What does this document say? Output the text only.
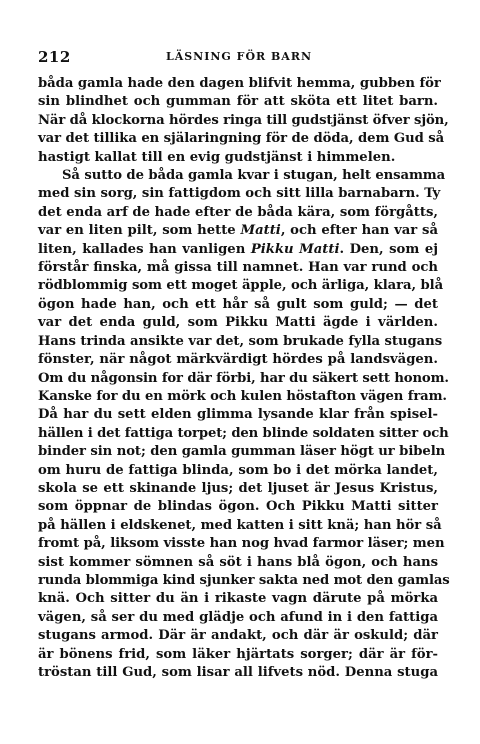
212	LÄSNING FÖR BARN
båda gamla hade den dagen blifvit hemma, gubben för
sin blindhet och gumman för att sköta ett litet barn.
När då klockorna hördes ringa till gudstjänst öfver sjön,
var det tillika en själaringning för de döda, dem Gud så
hastigt kallat till en evig gudstjänst i himmelen.
Så sutto de båda gamla kvar i stugan, helt ensamma
med sin sorg, sin fattigdom och sitt lilla barnabarn. Ty
det enda arf de hade efter de båda kära, som förgåtts,
var en liten pilt, som hette Matti, och efter han var så
liten, kallades han vanligen Pikku Matti. Den, som ej
förstår finska, må gissa till namnet. Han var rund och
rödblommig som ett moget äpple, och ärliga, klara, blå
ögon hade han, och ett hår så gult som guld; — det
var det enda guld, som Pikku Matti ägde i världen.
Hans trinda ansikte var det, som brukade fylla stugans
fönster, när något märkvärdigt hördes på landsvägen.
Om du någonsin for där förbi, har du säkert sett honom.
Kanske for du en mörk och kulen höstafton vägen fram.
Då har du sett elden glimma lysande klar från spisel-
hällen i det fattiga torpet; den blinde soldaten sitter och
binder sin not; den gamla gumman läser högt ur bibeln
om huru de fattiga blinda, som bo i det mörka landet,
skola se ett skinande ljus; det ljuset är Jesus Kristus,
som öppnar de blindas ögon. Och Pikku Matti sitter
på hällen i eldskenet, med katten i sitt knä; han hör så
fromt på, liksom visste han nog hvad farmor läser; men
sist kommer sömnen så söt i hans blå ögon, och hans
runda blommiga kind sjunker sakta ned mot den gamlas
knä. Och sitter du än i rikaste vagn därute på mörka
vägen, så ser du med glädje och afund in i den fattiga
stugans armod. Där är andakt, och där är oskuld; där
är bönens frid, som läker hjärtats sorger; där är för-
tröstan till Gud, som lisar all lifvets nöd. Denna stuga
